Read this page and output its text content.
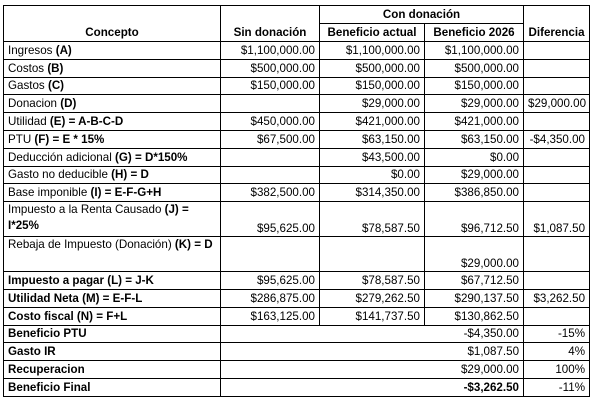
		Con donación		
Concepto	Sin donación	Beneficio actual	Beneficio 2026	Diferencia
Ingresos (A)	$1,100,000.00	$1,100,000.00	$1,100,000.00	
Costos (B)	$500,000.00	$500,000.00	$500,000.00	
Gastos (C)	$150,000.00	$150,000.00	$150,000.00	
Donacion (D)		$29,000.00	$29,000.00	$29,000.00
Utilidad (E) = A-B-C-D	$450,000.00	$421,000.00	$421,000.00	
PTU (F) = E * 15%	$67,500.00	$63,150.00	$63,150.00	-$4,350.00
Deducción adicional (G) = D*150%		$43,500.00	$0.00	
Gasto no deducible (H) = D		$0.00	$29,000.00	
Base imponible (I) = E-F-G+H	$382,500.00	$314,350.00	$386,850.00	
Impuesto a la Renta Causado (J) = I*25%	$95,625.00	$78,587.50	$96,712.50	$1,087.50
Rebaja de Impuesto (Donación) (K) = D			$29,000.00	
Impuesto a pagar (L) = J-K	$95,625.00	$78,587.50	$67,712.50	
Utilidad Neta (M) = E-F-L	$286,875.00	$279,262.50	$290,137.50	$3,262.50
Costo fiscal (N) = F+L	$163,125.00	$141,737.50	$130,862.50	
Beneficio PTU	-$4,350.00			-15%
Gasto IR	$1,087.50			4%
Recuperacion	$29,000.00			100%
Beneficio Final	-$3,262.50			-11%
